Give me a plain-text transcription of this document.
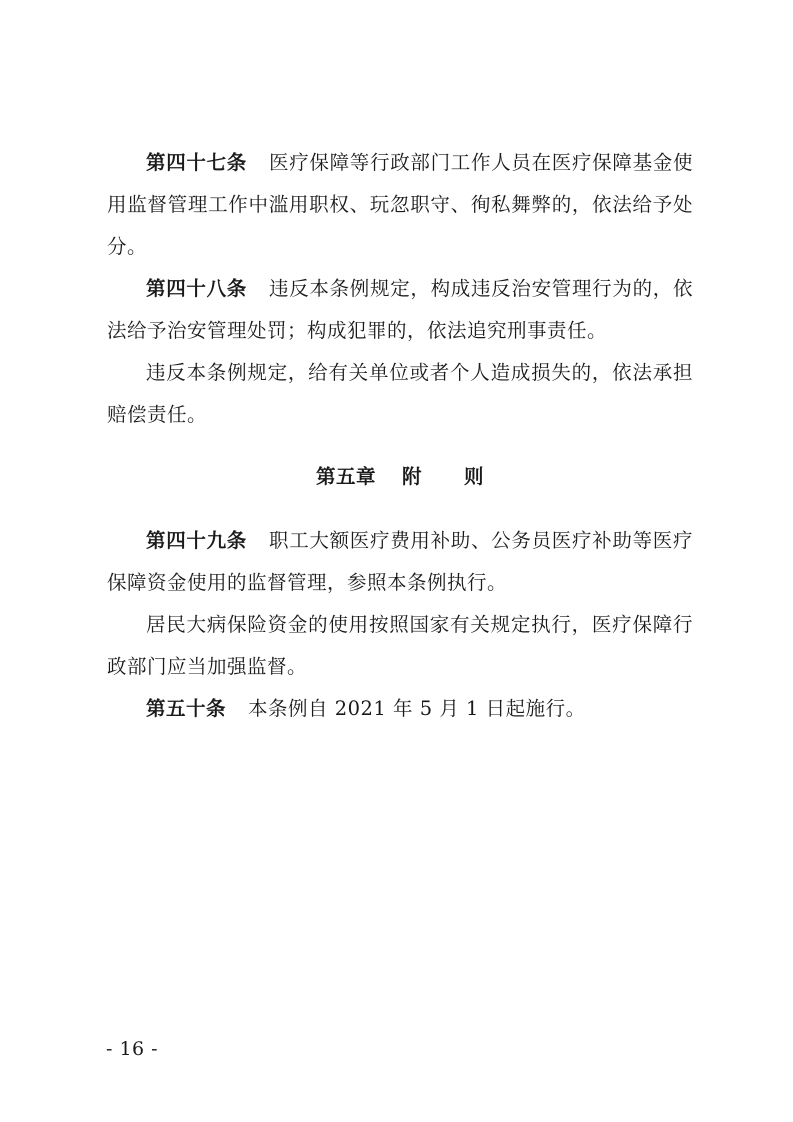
第四十七条 医疗保障等行政部门工作人员在医疗保障基金使用监督管理工作中滥用职权、玩忽职守、徇私舞弊的，依法给予处分。

第四十八条 违反本条例规定，构成违反治安管理行为的，依法给予治安管理处罚；构成犯罪的，依法追究刑事责任。

违反本条例规定，给有关单位或者个人造成损失的，依法承担赔偿责任。

第五章 附 则

第四十九条 职工大额医疗费用补助、公务员医疗补助等医疗保障资金使用的监督管理，参照本条例执行。

居民大病保险资金的使用按照国家有关规定执行，医疗保障行政部门应当加强监督。

第五十条 本条例自 2021 年 5 月 1 日起施行。

- 16 -
